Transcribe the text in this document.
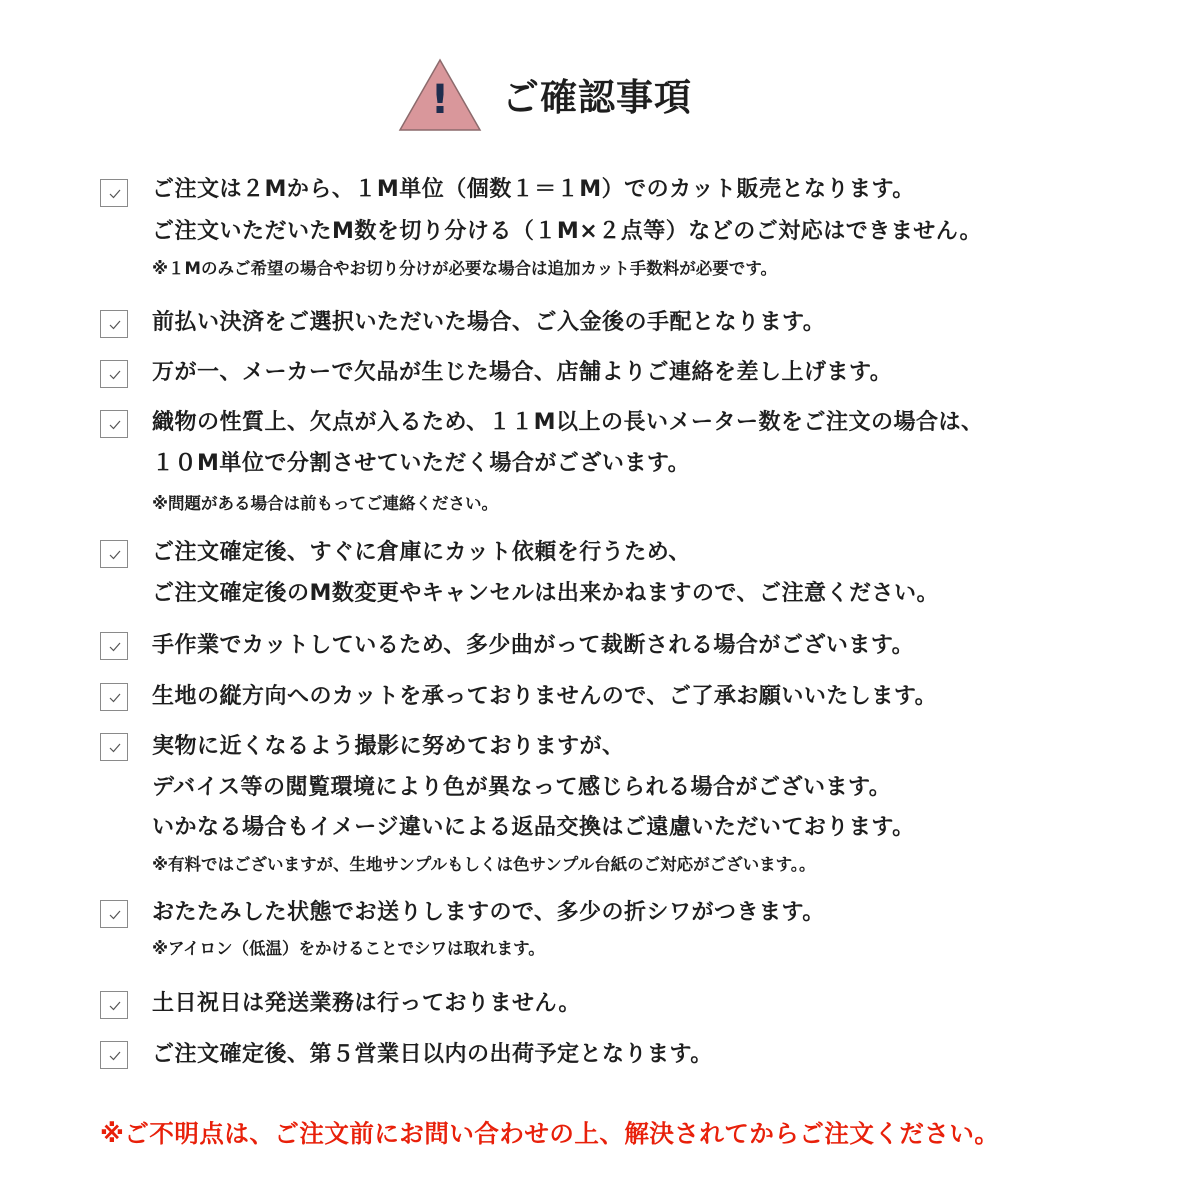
! ご確認事項
ご注文は２Mから、１M単位（個数１＝１M）でのカット販売となります。
ご注文いただいたM数を切り分ける（１M×２点等）などのご対応はできません。
※１Mのみご希望の場合やお切り分けが必要な場合は追加カット手数料が必要です。
前払い決済をご選択いただいた場合、ご入金後の手配となります。
万が一、メーカーで欠品が生じた場合、店舗よりご連絡を差し上げます。
織物の性質上、欠点が入るため、１１M以上の長いメーター数をご注文の場合は、
１０M単位で分割させていただく場合がございます。
※問題がある場合は前もってご連絡ください。
ご注文確定後、すぐに倉庫にカット依頼を行うため、
ご注文確定後のM数変更やキャンセルは出来かねますので、ご注意ください。
手作業でカットしているため、多少曲がって裁断される場合がございます。
生地の縦方向へのカットを承っておりませんので、ご了承お願いいたします。
実物に近くなるよう撮影に努めておりますが、
デバイス等の閲覧環境により色が異なって感じられる場合がございます。
いかなる場合もイメージ違いによる返品交換はご遠慮いただいております。
※有料ではございますが、生地サンプルもしくは色サンプル台紙のご対応がございます。。
おたたみした状態でお送りしますので、多少の折シワがつきます。
※アイロン（低温）をかけることでシワは取れます。
土日祝日は発送業務は行っておりません。
ご注文確定後、第５営業日以内の出荷予定となります。
※ご不明点は、ご注文前にお問い合わせの上、解決されてからご注文ください。
